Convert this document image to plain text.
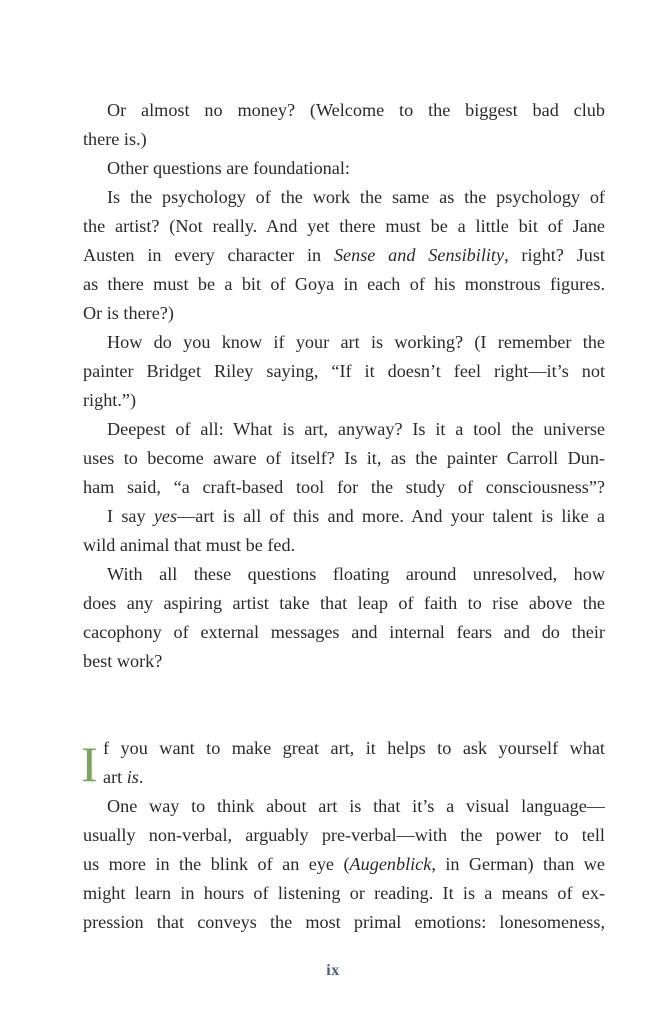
Or almost no money? (Welcome to the biggest bad club
there is.)
Other questions are foundational:
Is the psychology of the work the same as the psychology of
the artist? (Not really. And yet there must be a little bit of Jane
Austen in every character in Sense and Sensibility, right? Just
as there must be a bit of Goya in each of his monstrous figures.
Or is there?)
How do you know if your art is working? (I remember the
painter Bridget Riley saying, “If it doesn’t feel right—it’s not
right.”)
Deepest of all: What is art, anyway? Is it a tool the universe
uses to become aware of itself? Is it, as the painter Carroll Dun-
ham said, “a craft-based tool for the study of consciousness”?
I say yes—art is all of this and more. And your talent is like a
wild animal that must be fed.
With all these questions floating around unresolved, how
does any aspiring artist take that leap of faith to rise above the
cacophony of external messages and internal fears and do their
best work?
I f you want to make great art, it helps to ask yourself what
art is.
One way to think about art is that it’s a visual language—
usually non-verbal, arguably pre-verbal—with the power to tell
us more in the blink of an eye (Augenblick, in German) than we
might learn in hours of listening or reading. It is a means of ex-
pression that conveys the most primal emotions: lonesomeness,
ix
